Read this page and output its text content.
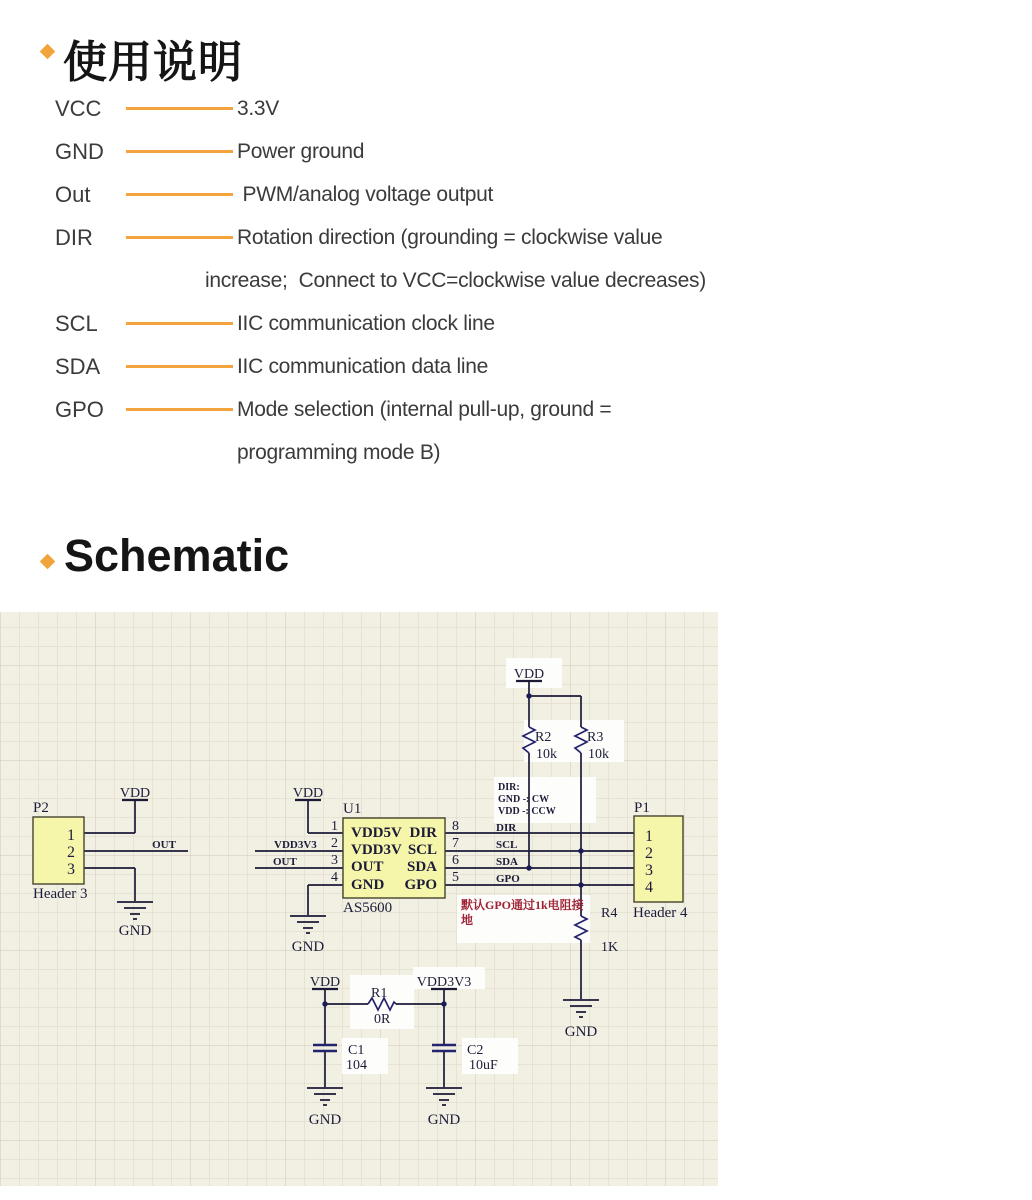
使用说明
VCC	3.3V
GND	Power ground
Out	PWM/analog voltage output
DIR	Rotation direction (grounding = clockwise value
increase;  Connect to VCC=clockwise value decreases)
SCL	IIC communication clock line
SDA	IIC communication data line
GPO	Mode selection (internal pull-up, ground =
programming mode B)
Schematic
P2
1
2
3
Header 3
VDD
GND
OUT
VDD
GND
U1
AS5600
1
2
3
4
8
7
6
5
VDD5V DIR
VDD3V SCL
OUT SDA
GND GPO
VDD3V3
OUT
DIR
SCL
SDA
GPO
VDD
R2
10k
R3
10k
DIR:
GND -: CW
VDD -: CCW	P1
1
2
3
4
Header 4
默认GPO通过1k电阻接
地	R4
1K
GND
VDD	VDD3V3
R1
0R
C1
104
C2
10uF
GND	GND
